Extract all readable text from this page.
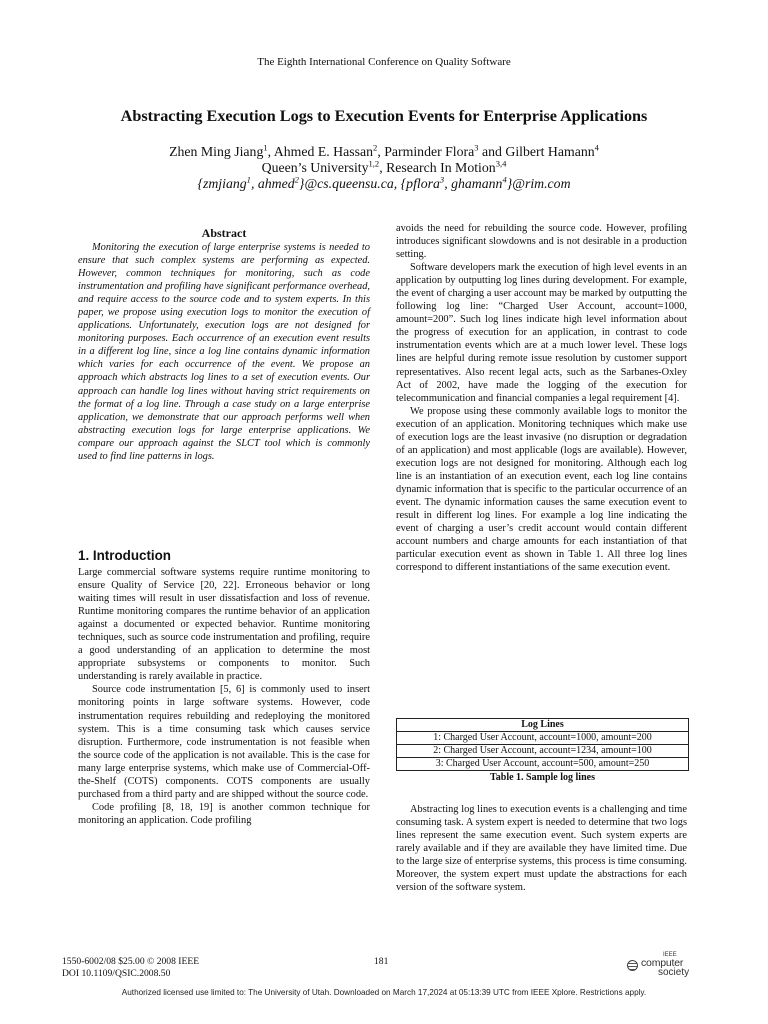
The Eighth International Conference on Quality Software
Abstracting Execution Logs to Execution Events for Enterprise Applications
Zhen Ming Jiang$^1$, Ahmed E. Hassan$^2$, Parminder Flora$^3$ and Gilbert Hamann$^4$
Queen’s University$^{1,2}$, Research In Motion$^{3,4}$
{zmjiang$^1$, ahmed$^2$}@cs.queensu.ca, {pflora$^3$, ghamann$^4$}@rim.com
Abstract

Monitoring the execution of large enterprise systems is needed to ensure that such complex systems are performing as expected. However, common techniques for monitoring, such as code instrumentation and profiling have significant performance overhead, and require access to the source code and to system experts. In this paper, we propose using execution logs to monitor the execution of applications. Unfortunately, execution logs are not designed for monitoring purposes. Each occurrence of an execution event results in a different log line, since a log line contains dynamic information which varies for each occurrence of the event. We propose an approach which abstracts log lines to a set of execution events. Our approach can handle log lines without having strict requirements on the format of a log line. Through a case study on a large enterprise application, we demonstrate that our approach performs well when abstracting execution logs for large enterprise applications. We compare our approach against the SLCT tool which is commonly used to find line patterns in logs.

1. Introduction

Large commercial software systems require runtime monitoring to ensure Quality of Service [20, 22]. Erroneous behavior or long waiting times will result in user dissatisfaction and loss of revenue. Runtime monitoring compares the runtime behavior of an application against a documented or expected behavior. Runtime monitoring techniques, such as source code instrumentation and profiling, require a good understanding of an application to determine the most appropriate subsystems or components to monitor. Such understanding is rarely available in practice.

Source code instrumentation [5, 6] is commonly used to insert monitoring points in large software systems. However, code instrumentation requires rebuilding and redeploying the monitored system. This is a time consuming task which causes service disruption. Furthermore, code instrumentation is not feasible when the source code of the application is not available. This is the case for many large enterprise systems, which make use of Commercial-Off-the-Shelf (COTS) components. COTS components are usually purchased from a third party and are shipped without the source code.

Code profiling [8, 18, 19] is another common technique for monitoring an application. Code profiling

avoids the need for rebuilding the source code. However, profiling introduces significant slowdowns and is not desirable in a production setting.

Software developers mark the execution of high level events in an application by outputting log lines during development. For example, the event of charging a user account may be marked by outputting the following log line: “Charged User Account, account=1000, amount=200”. Such log lines indicate high level information about the progress of execution for an application, in contrast to code instrumentation events which are at a much lower level. These logs lines are helpful during remote issue resolution by customer support representatives. Also recent legal acts, such as the Sarbanes-Oxley Act of 2002, have made the logging of the execution for telecommunication and financial companies a legal requirement [4].

We propose using these commonly available logs to monitor the execution of an application. Monitoring techniques which make use of execution logs are the least invasive (no disruption or degradation of an application) and most applicable (logs are available). However, execution logs are not designed for monitoring. Although each log line is an instantiation of an execution event, each log line contains dynamic information that is specific to the particular occurrence of an event. The dynamic information causes the same execution event to result in different log lines. For example a log line indicating the event of charging a user’s credit account would contain different account numbers and charge amounts for each instantiation of that particular execution event as shown in Table 1. All three log lines correspond to different instantiations of the same execution event.

Log Lines
1: Charged User Account, account=1000, amount=200
2: Charged User Account, account=1234, amount=100
3: Charged User Account, account=500, amount=250
Table 1. Sample log lines

Abstracting log lines to execution events is a challenging and time consuming task. A system expert is needed to determine that two logs lines represent the same execution event. Such system experts are rarely available and if they are available they have limited time. Due to the large size of enterprise systems, this process is time consuming. Moreover, the system expert must update the abstractions for each version of the software system.

1550-6002/08 $25.00 © 2008 IEEE
DOI 10.1109/QSIC.2008.50
181
IEEE
computer
society
Authorized licensed use limited to: The University of Utah. Downloaded on March 17,2024 at 05:13:39 UTC from IEEE Xplore. Restrictions apply.
